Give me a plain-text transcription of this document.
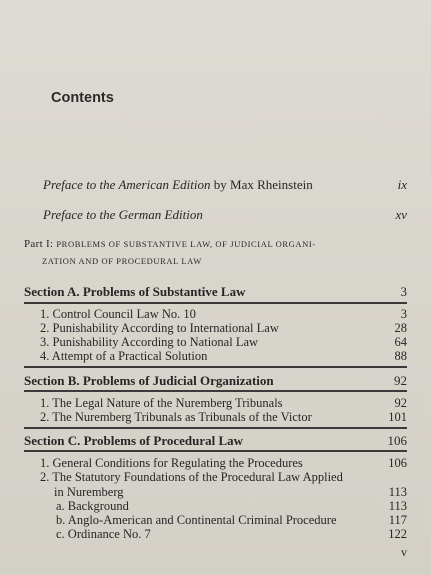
Contents
Preface to the American Edition by Max Rheinstein	ix
Preface to the German Edition	xv
Part I: PROBLEMS OF SUBSTANTIVE LAW, OF JUDICIAL ORGANI-
ZATION AND OF PROCEDURAL LAW
Section A. Problems of Substantive Law	3
1. Control Council Law No. 10	3
2. Punishability According to International Law	28
3. Punishability According to National Law	64
4. Attempt of a Practical Solution	88
Section B. Problems of Judicial Organization	92
1. The Legal Nature of the Nuremberg Tribunals	92
2. The Nuremberg Tribunals as Tribunals of the Victor	101
Section C. Problems of Procedural Law	106
1. General Conditions for Regulating the Procedures	106
2. The Statutory Foundations of the Procedural Law Applied
in Nuremberg	113
a. Background	113
b. Anglo-American and Continental Criminal Procedure	117
c. Ordinance No. 7	122
v
